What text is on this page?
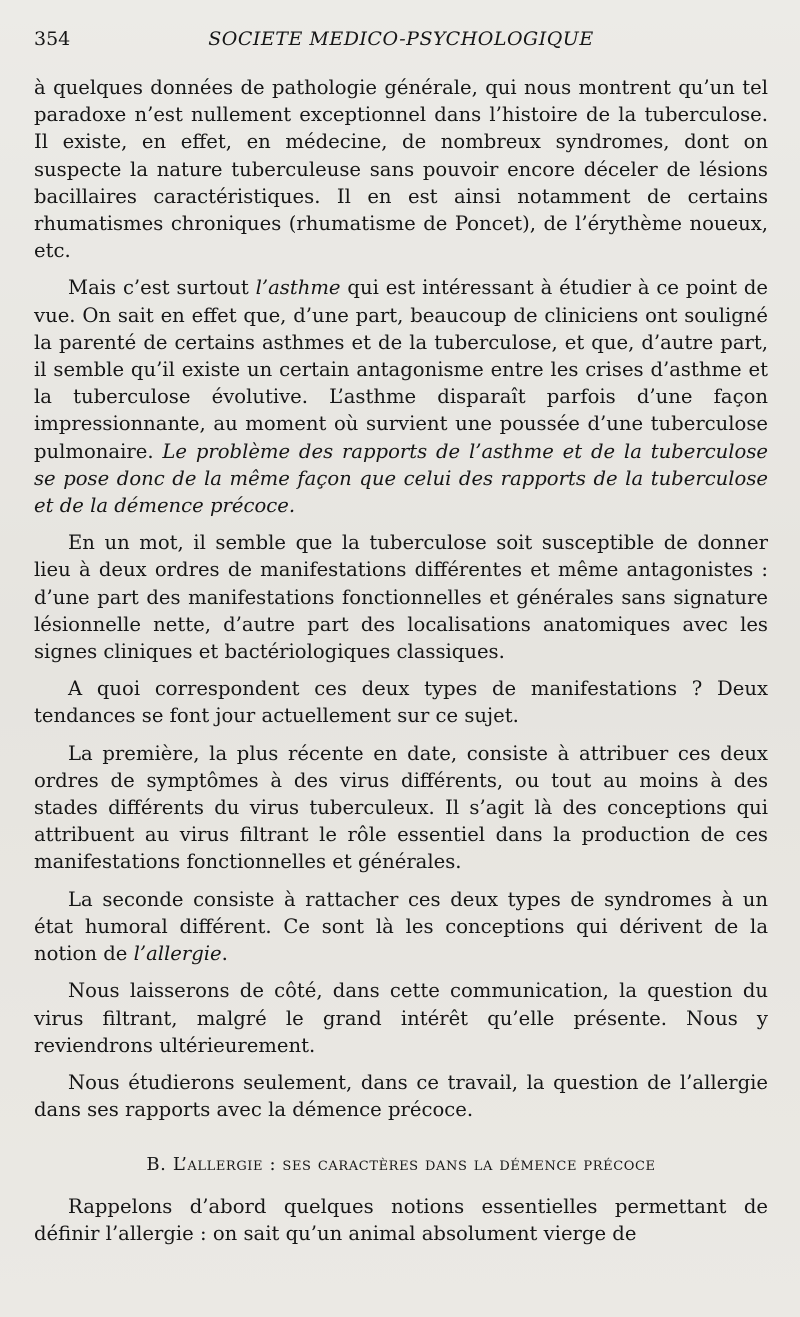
354	SOCIETE MEDICO-PSYCHOLOGIQUE

à quelques données de pathologie générale, qui nous montrent qu’un tel paradoxe n’est nullement exceptionnel dans l’histoire de la tuberculose. Il existe, en effet, en médecine, de nombreux syndromes, dont on suspecte la nature tuberculeuse sans pouvoir encore déceler de lésions bacillaires caractéristiques. Il en est ainsi notamment de certains rhumatismes chroniques (rhumatisme de Poncet), de l’érythème noueux, etc.

Mais c’est surtout l’asthme qui est intéressant à étudier à ce point de vue. On sait en effet que, d’une part, beaucoup de cliniciens ont souligné la parenté de certains asthmes et de la tuberculose, et que, d’autre part, il semble qu’il existe un certain antagonisme entre les crises d’asthme et la tuberculose évolutive. L’asthme disparaît parfois d’une façon impressionnante, au moment où survient une poussée d’une tuberculose pulmonaire. Le problème des rapports de l’asthme et de la tuberculose se pose donc de la même façon que celui des rapports de la tuberculose et de la démence précoce.

En un mot, il semble que la tuberculose soit susceptible de donner lieu à deux ordres de manifestations différentes et même antagonistes : d’une part des manifestations fonctionnelles et générales sans signature lésionnelle nette, d’autre part des localisations anatomiques avec les signes cliniques et bactériologiques classiques.

A quoi correspondent ces deux types de manifestations ? Deux tendances se font jour actuellement sur ce sujet.

La première, la plus récente en date, consiste à attribuer ces deux ordres de symptômes à des virus différents, ou tout au moins à des stades différents du virus tuberculeux. Il s’agit là des conceptions qui attribuent au virus filtrant le rôle essentiel dans la production de ces manifestations fonctionnelles et générales.

La seconde consiste à rattacher ces deux types de syndromes à un état humoral différent. Ce sont là les conceptions qui dérivent de la notion de l’allergie.

Nous laisserons de côté, dans cette communication, la question du virus filtrant, malgré le grand intérêt qu’elle présente. Nous y reviendrons ultérieurement.

Nous étudierons seulement, dans ce travail, la question de l’allergie dans ses rapports avec la démence précoce.

B. L’allergie : ses caractères dans la démence précoce

Rappelons d’abord quelques notions essentielles permettant de définir l’allergie : on sait qu’un animal absolument vierge de
